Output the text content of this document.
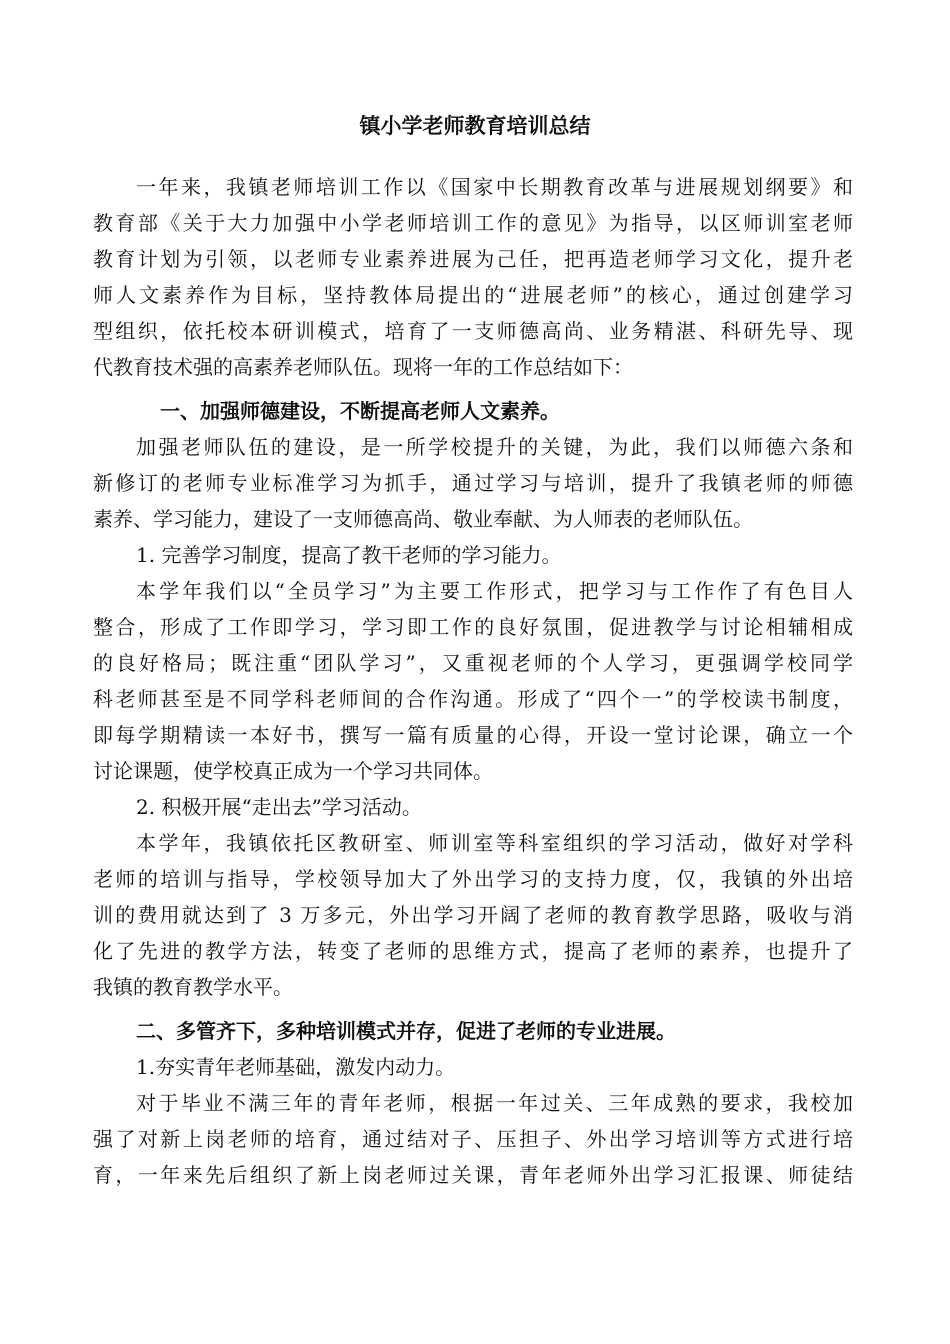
镇小学老师教育培训总结
一年来，我镇老师培训工作以《国家中长期教育改革与进展规划纲要》和
教育部《关于大力加强中小学老师培训工作的意见》为指导，以区师训室老师
教育计划为引领，以老师专业素养进展为己任，把再造老师学习文化，提升老
师人文素养作为目标，坚持教体局提出的“进展老师”的核心，通过创建学习
型组织，依托校本研训模式，培育了一支师德高尚、业务精湛、科研先导、现
代教育技术强的高素养老师队伍。现将一年的工作总结如下：
一、加强师德建设，不断提高老师人文素养。
加强老师队伍的建设，是一所学校提升的关键，为此，我们以师德六条和
新修订的老师专业标准学习为抓手，通过学习与培训，提升了我镇老师的师德
素养、学习能力，建设了一支师德高尚、敬业奉献、为人师表的老师队伍。
1. 完善学习制度，提高了教干老师的学习能力。
本学年我们以“全员学习”为主要工作形式，把学习与工作作了有色目人
整合，形成了工作即学习，学习即工作的良好氛围，促进教学与讨论相辅相成
的良好格局；既注重“团队学习”，又重视老师的个人学习，更强调学校同学
科老师甚至是不同学科老师间的合作沟通。形成了“四个一”的学校读书制度，
即每学期精读一本好书，撰写一篇有质量的心得，开设一堂讨论课，确立一个
讨论课题，使学校真正成为一个学习共同体。
2. 积极开展“走出去”学习活动。
本学年，我镇依托区教研室、师训室等科室组织的学习活动，做好对学科
老师的培训与指导，学校领导加大了外出学习的支持力度，仅，我镇的外出培
训的费用就达到了 3 万多元，外出学习开阔了老师的教育教学思路，吸收与消
化了先进的教学方法，转变了老师的思维方式，提高了老师的素养，也提升了
我镇的教育教学水平。
二、多管齐下，多种培训模式并存，促进了老师的专业进展。
1.夯实青年老师基础，激发内动力。
对于毕业不满三年的青年老师，根据一年过关、三年成熟的要求，我校加
强了对新上岗老师的培育，通过结对子、压担子、外出学习培训等方式进行培
育，一年来先后组织了新上岗老师过关课，青年老师外出学习汇报课、师徒结
